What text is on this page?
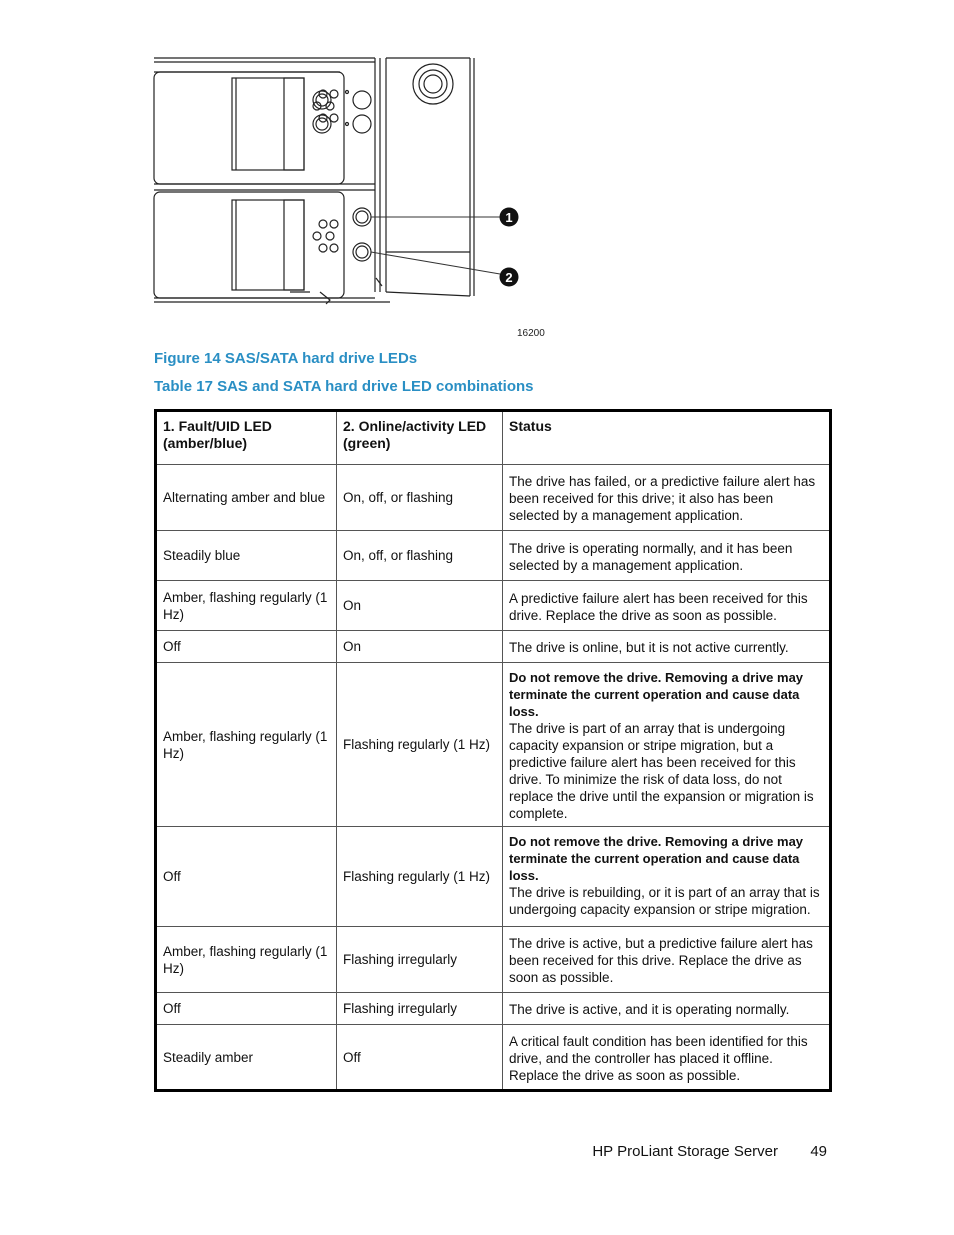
1
2
16200
Figure 14 SAS/SATA hard drive LEDs
Table 17 SAS and SATA hard drive LED combinations
1. Fault/UID LED (amber/blue)	2. Online/activity LED (green)	Status
Alternating amber and blue	On, off, or flashing	The drive has failed, or a predictive failure alert has been received for this drive; it also has been selected by a management application.
Steadily blue	On, off, or flashing	The drive is operating normally, and it has been selected by a management application.
Amber, flashing regularly (1 Hz)	On	A predictive failure alert has been received for this drive. Replace the drive as soon as possible.
Off	On	The drive is online, but it is not active currently.
Amber, flashing regularly (1 Hz)	Flashing regularly (1 Hz)	Do not remove the drive. Removing a drive may terminate the current operation and cause data loss.
The drive is part of an array that is undergoing capacity expansion or stripe migration, but a predictive failure alert has been received for this drive. To minimize the risk of data loss, do not replace the drive until the expansion or migration is complete.
Off	Flashing regularly (1 Hz)	Do not remove the drive. Removing a drive may terminate the current operation and cause data loss.
The drive is rebuilding, or it is part of an array that is undergoing capacity expansion or stripe migration.
Amber, flashing regularly (1 Hz)	Flashing irregularly	The drive is active, but a predictive failure alert has been received for this drive. Replace the drive as soon as possible.
Off	Flashing irregularly	The drive is active, and it is operating normally.
Steadily amber	Off	A critical fault condition has been identified for this drive, and the controller has placed it offline. Replace the drive as soon as possible.
HP ProLiant Storage Server 49
